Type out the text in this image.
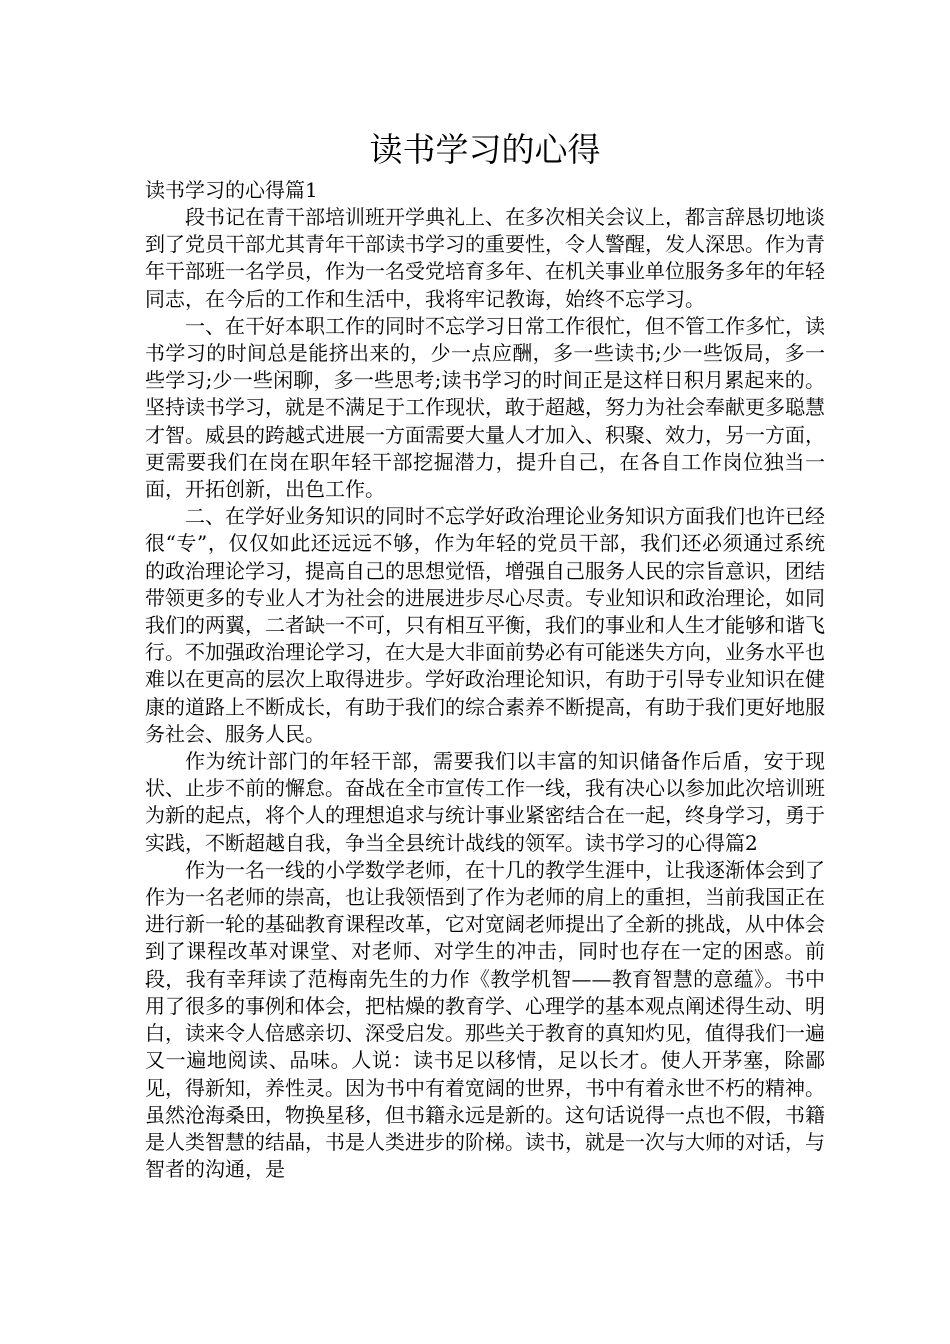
读书学习的心得

读书学习的心得篇1

段书记在青干部培训班开学典礼上、在多次相关会议上，都言辞恳切地谈到了党员干部尤其青年干部读书学习的重要性，令人警醒，发人深思。作为青年干部班一名学员，作为一名受党培育多年、在机关事业单位服务多年的年轻同志，在今后的工作和生活中，我将牢记教诲，始终不忘学习。

一、在干好本职工作的同时不忘学习日常工作很忙，但不管工作多忙，读书学习的时间总是能挤出来的，少一点应酬，多一些读书;少一些饭局，多一些学习;少一些闲聊，多一些思考;读书学习的时间正是这样日积月累起来的。坚持读书学习，就是不满足于工作现状，敢于超越，努力为社会奉献更多聪慧才智。威县的跨越式进展一方面需要大量人才加入、积聚、效力，另一方面，更需要我们在岗在职年轻干部挖掘潜力，提升自己，在各自工作岗位独当一面，开拓创新，出色工作。

二、在学好业务知识的同时不忘学好政治理论业务知识方面我们也许已经很“专”，仅仅如此还远远不够，作为年轻的党员干部，我们还必须通过系统的政治理论学习，提高自己的思想觉悟，增强自己服务人民的宗旨意识，团结带领更多的专业人才为社会的进展进步尽心尽责。专业知识和政治理论，如同我们的两翼，二者缺一不可，只有相互平衡，我们的事业和人生才能够和谐飞行。不加强政治理论学习，在大是大非面前势必有可能迷失方向，业务水平也难以在更高的层次上取得进步。学好政治理论知识，有助于引导专业知识在健康的道路上不断成长，有助于我们的综合素养不断提高，有助于我们更好地服务社会、服务人民。

作为统计部门的年轻干部，需要我们以丰富的知识储备作后盾，安于现状、止步不前的懈怠。奋战在全市宣传工作一线，我有决心以参加此次培训班为新的起点，将个人的理想追求与统计事业紧密结合在一起，终身学习，勇于实践，不断超越自我，争当全县统计战线的领军。读书学习的心得篇2

作为一名一线的小学数学老师，在十几的教学生涯中，让我逐渐体会到了作为一名老师的崇高，也让我领悟到了作为老师的肩上的重担，当前我国正在进行新一轮的基础教育课程改革，它对宽阔老师提出了全新的挑战，从中体会到了课程改革对课堂、对老师、对学生的冲击，同时也存在一定的困惑。前段，我有幸拜读了范梅南先生的力作《教学机智——教育智慧的意蕴》。书中用了很多的事例和体会，把枯燥的教育学、心理学的基本观点阐述得生动、明白，读来令人倍感亲切、深受启发。那些关于教育的真知灼见，值得我们一遍又一遍地阅读、品味。人说：读书足以移情，足以长才。使人开茅塞，除鄙见，得新知，养性灵。因为书中有着宽阔的世界，书中有着永世不朽的精神。虽然沧海桑田，物换星移，但书籍永远是新的。这句话说得一点也不假，书籍是人类智慧的结晶，书是人类进步的阶梯。读书，就是一次与大师的对话，与智者的沟通，是
